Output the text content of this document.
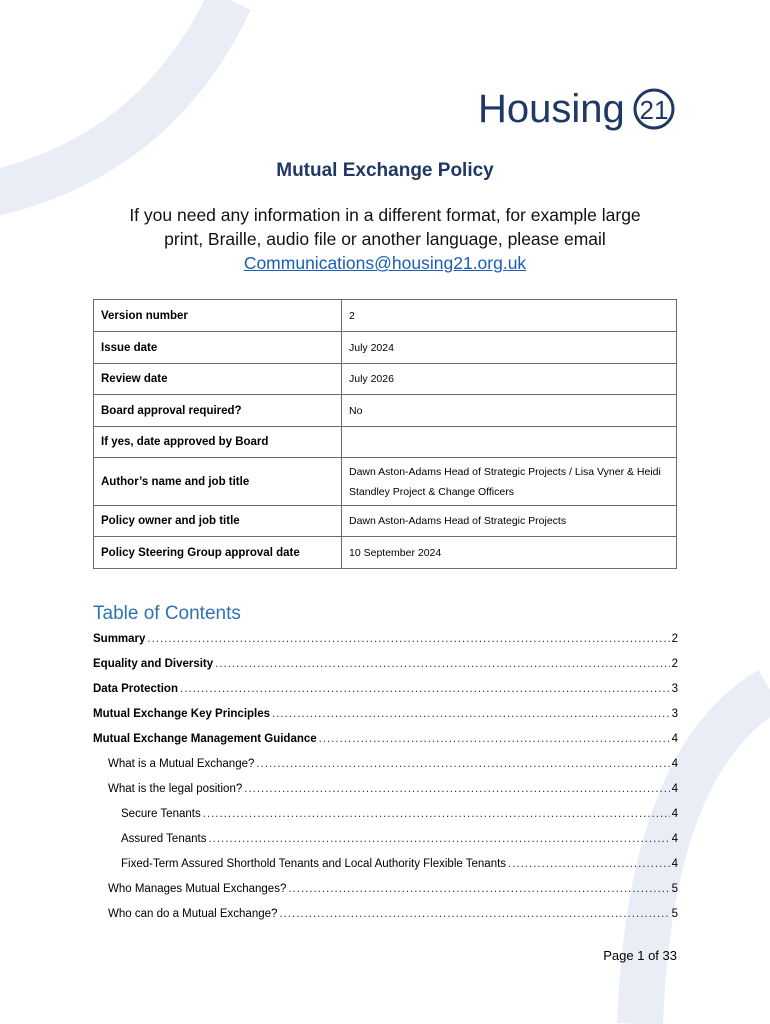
Housing 21
Mutual Exchange Policy
If you need any information in a different format, for example large
print, Braille, audio file or another language, please email
Communications@housing21.org.uk
Version number	2
Issue date	July 2024
Review date	July 2026
Board approval required?	No
If yes, date approved by Board	
Author’s name and job title	Dawn Aston-Adams Head of Strategic Projects / Lisa Vyner & Heidi Standley Project & Change Officers
Policy owner and job title	Dawn Aston-Adams Head of Strategic Projects
Policy Steering Group approval date	10 September 2024
Table of Contents
Summary .....	2
Equality and Diversity .....	2
Data Protection .....	3
Mutual Exchange Key Principles .....	3
Mutual Exchange Management Guidance .....	4
What is a Mutual Exchange? .....	4
What is the legal position? .....	4
Secure Tenants .....	4
Assured Tenants .....	4
Fixed-Term Assured Shorthold Tenants and Local Authority Flexible Tenants .....	4
Who Manages Mutual Exchanges? .....	5
Who can do a Mutual Exchange? .....	5
Page 1 of 33
